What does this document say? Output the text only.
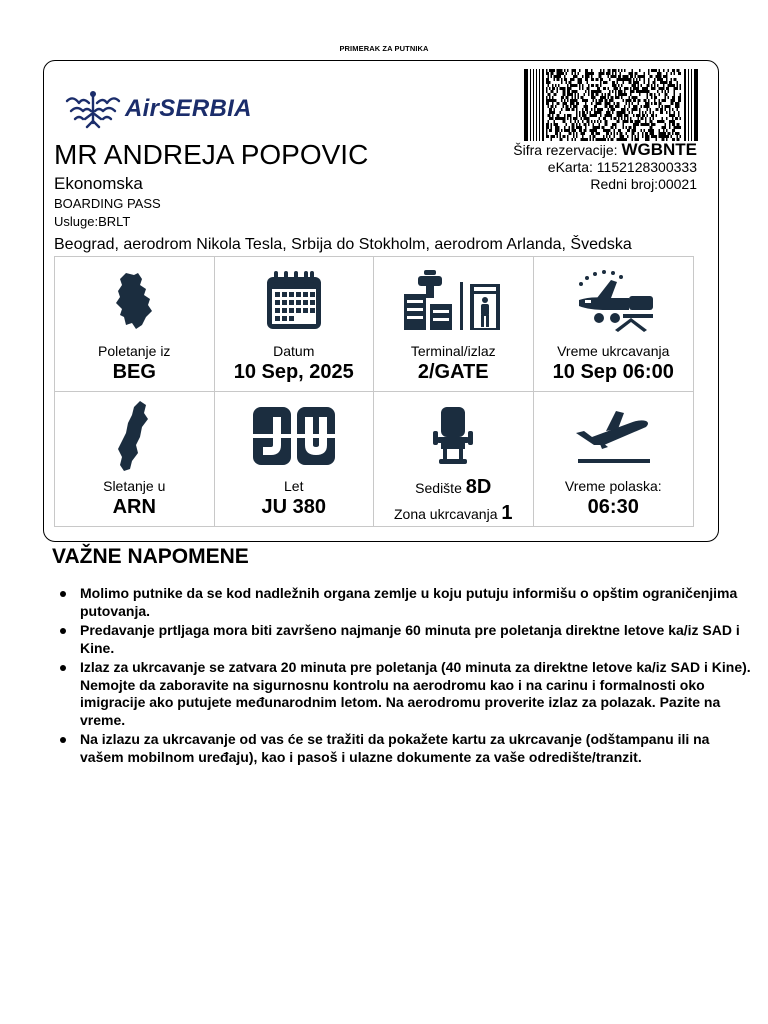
PRIMERAK ZA PUTNIKA
AirSERBIA
MR ANDREJA POPOVIC
Ekonomska
BOARDING PASS
Usluge:BRLT
Šifra rezervacije: WGBNTE
eKarta: 1152128300333
Redni broj:00021
Beograd, aerodrom Nikola Tesla, Srbija do Stokholm, aerodrom Arlanda, Švedska
Poletanje iz
BEG
Datum
10 Sep, 2025
Terminal/izlaz
2/GATE
Vreme ukrcavanja
10 Sep 06:00
Sletanje u
ARN
Let
JU 380
Sedište 8D
Zona ukrcavanja 1
Vreme polaska:
06:30
VAŽNE NAPOMENE
Molimo putnike da se kod nadležnih organa zemlje u koju putuju informišu o opštim ograničenjima putovanja.
Predavanje prtljaga mora biti završeno najmanje 60 minuta pre poletanja direktne letove ka/iz SAD i Kine.
Izlaz za ukrcavanje se zatvara 20 minuta pre poletanja (40 minuta za direktne letove ka/iz SAD i Kine). Nemojte da zaboravite na sigurnosnu kontrolu na aerodromu kao i na carinu i formalnosti oko imigracije ako putujete međunarodnim letom. Na aerodromu proverite izlaz za polazak. Pazite na vreme.
Na izlazu za ukrcavanje od vas će se tražiti da pokažete kartu za ukrcavanje (odštampanu ili na vašem mobilnom uređaju), kao i pasoš i ulazne dokumente za vaše odredište/tranzit.
